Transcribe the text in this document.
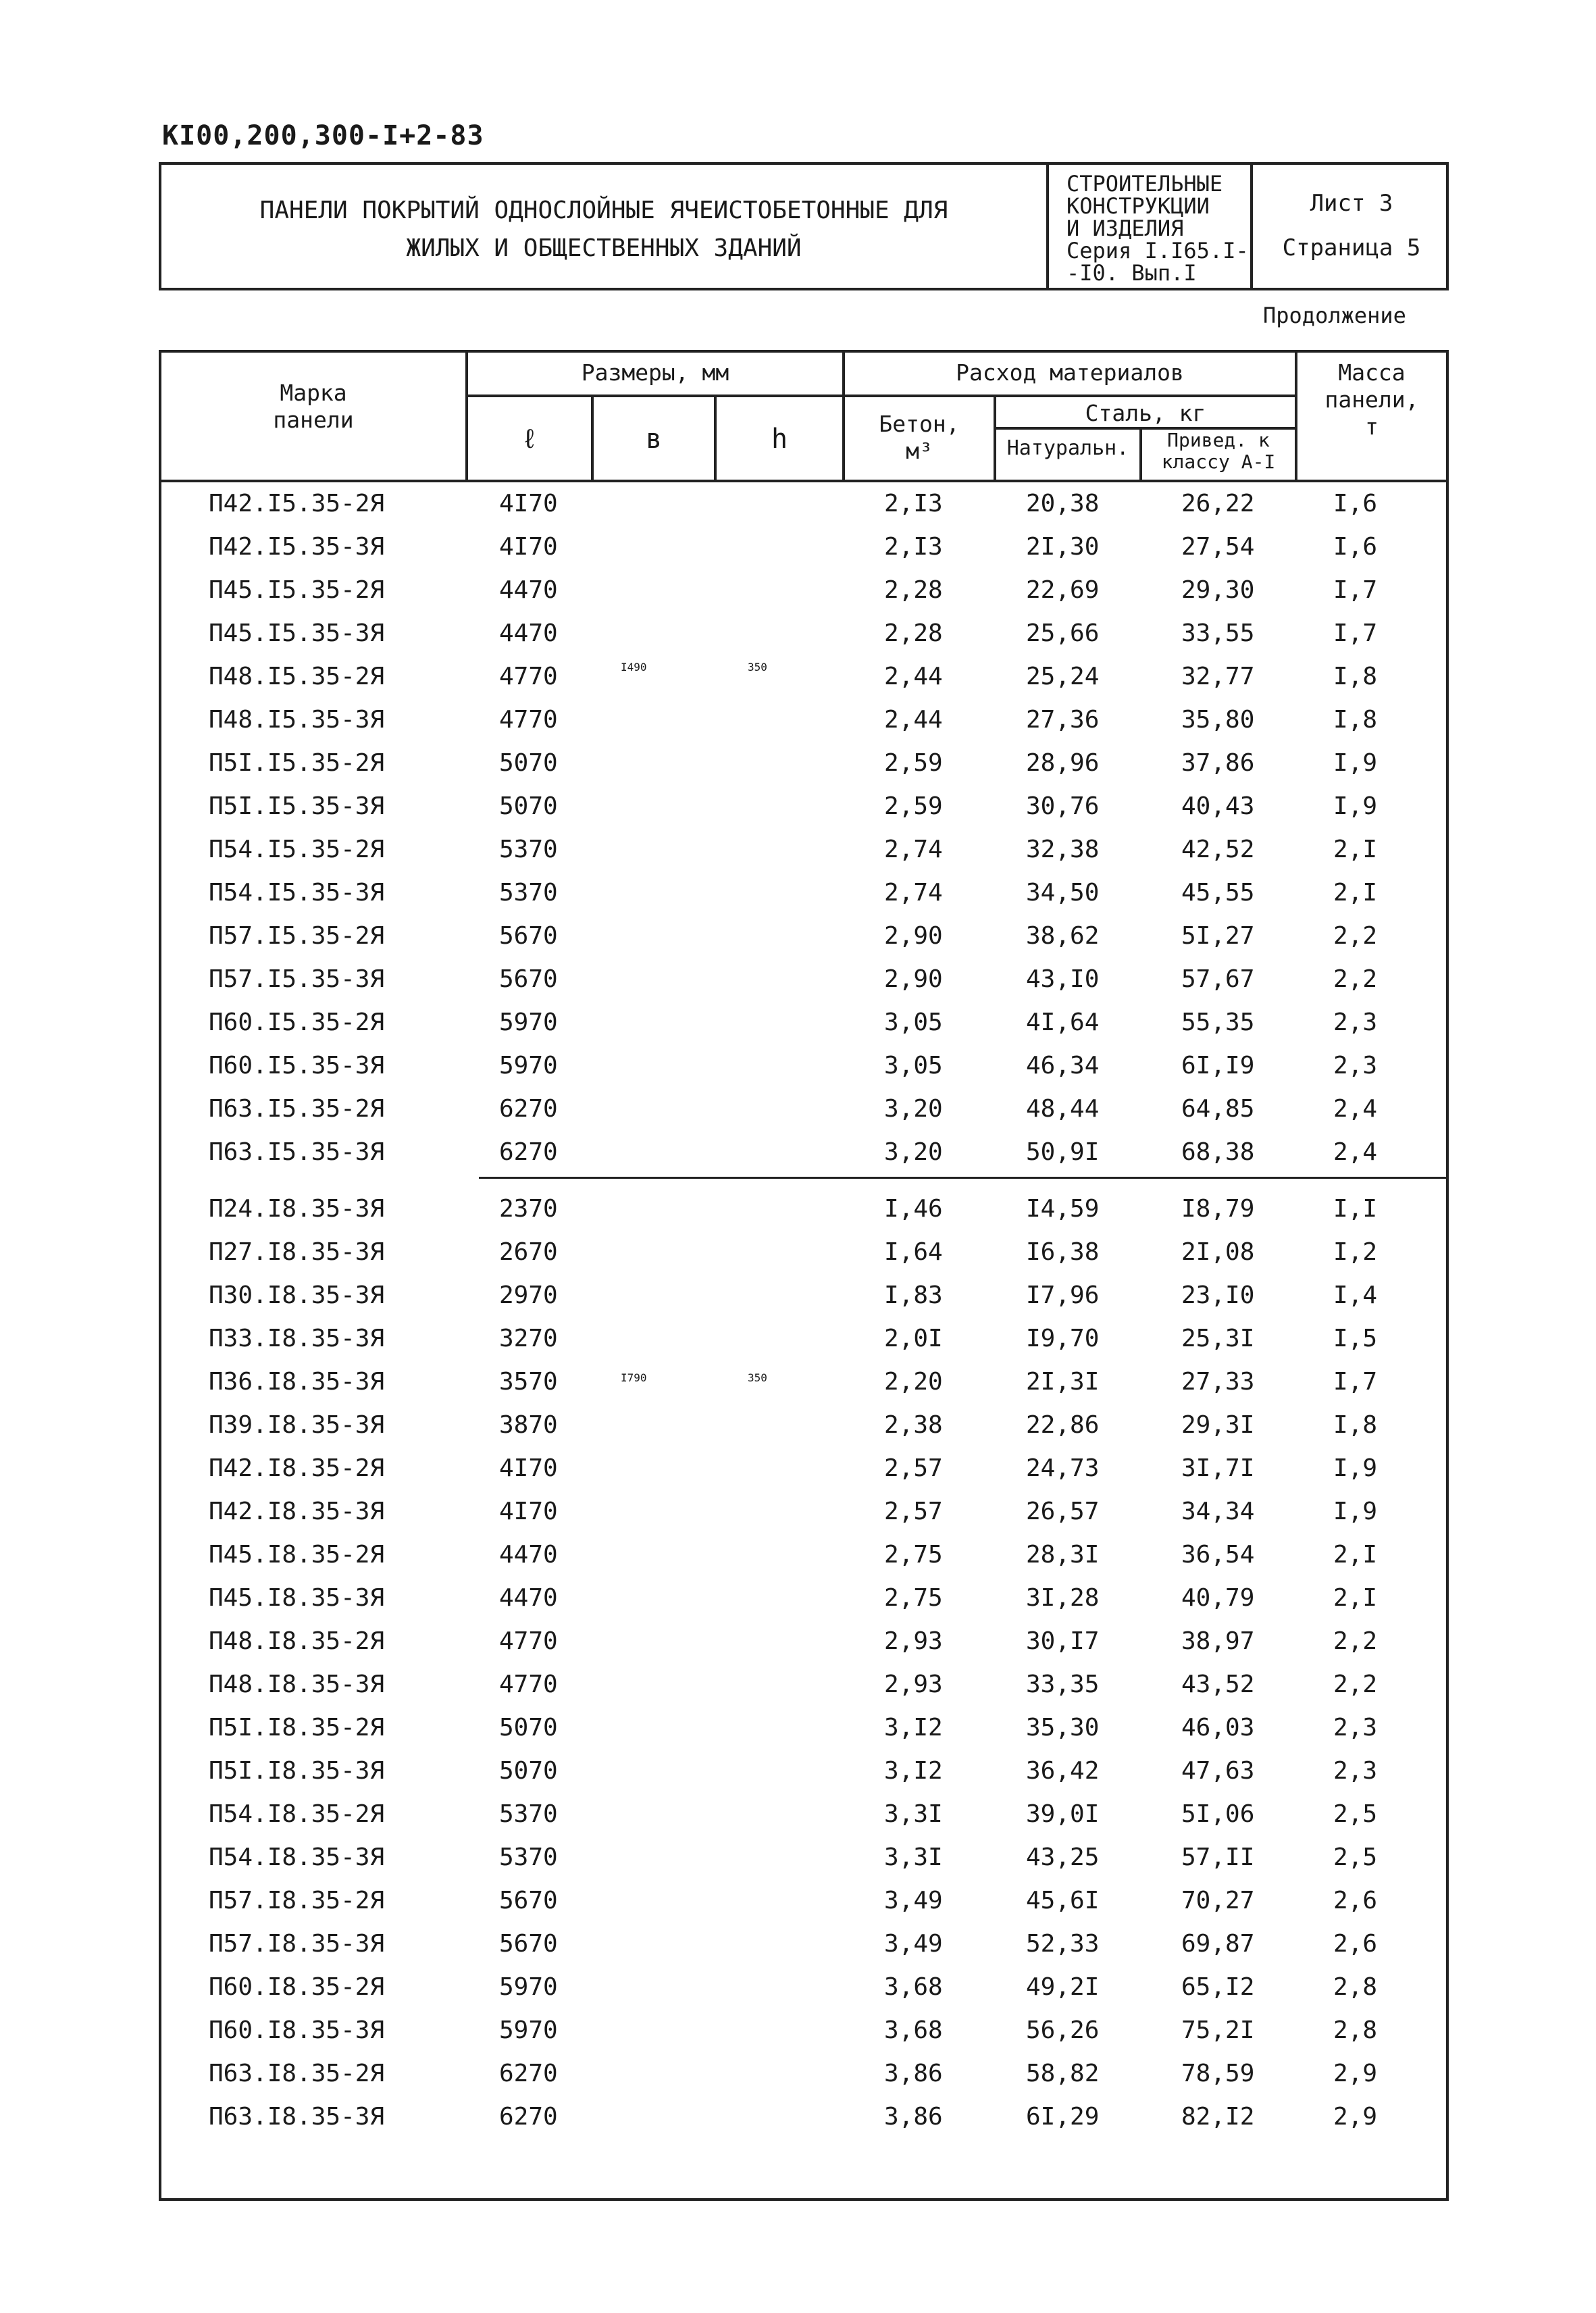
КI00,200,300-I+2-83
ПАНЕЛИ ПОКРЫТИЙ ОДНОСЛОЙНЫЕ ЯЧЕИСТОБЕТОННЫЕ ДЛЯ
ЖИЛЫХ И ОБЩЕСТВЕННЫХ ЗДАНИЙ
СТРОИТЕЛЬНЫЕ
КОНСТРУКЦИИ
И ИЗДЕЛИЯ
Серия I.I65.I-
-I0. Вып.I
Лист 3
Страница 5
Продолжение
Марка
панели
Размеры, мм
ℓ	в	h
Расход материалов
Бетон,
м³
Сталь, кг
Натуральн.	Привед. к
классу А-I
Масса
панели,
т
I490	350
I790	350
П42.I5.35-2Я	4I70	2,I3	20,38	26,22	I,6
П42.I5.35-3Я	4I70	2,I3	2I,30	27,54	I,6
П45.I5.35-2Я	4470	2,28	22,69	29,30	I,7
П45.I5.35-3Я	4470	2,28	25,66	33,55	I,7
П48.I5.35-2Я	4770	2,44	25,24	32,77	I,8
П48.I5.35-3Я	4770	2,44	27,36	35,80	I,8
П5I.I5.35-2Я	5070	2,59	28,96	37,86	I,9
П5I.I5.35-3Я	5070	2,59	30,76	40,43	I,9
П54.I5.35-2Я	5370	2,74	32,38	42,52	2,I
П54.I5.35-3Я	5370	2,74	34,50	45,55	2,I
П57.I5.35-2Я	5670	2,90	38,62	5I,27	2,2
П57.I5.35-3Я	5670	2,90	43,I0	57,67	2,2
П60.I5.35-2Я	5970	3,05	4I,64	55,35	2,3
П60.I5.35-3Я	5970	3,05	46,34	6I,I9	2,3
П63.I5.35-2Я	6270	3,20	48,44	64,85	2,4
П63.I5.35-3Я	6270	3,20	50,9I	68,38	2,4
П24.I8.35-3Я	2370	I,46	I4,59	I8,79	I,I
П27.I8.35-3Я	2670	I,64	I6,38	2I,08	I,2
П30.I8.35-3Я	2970	I,83	I7,96	23,I0	I,4
П33.I8.35-3Я	3270	2,0I	I9,70	25,3I	I,5
П36.I8.35-3Я	3570	2,20	2I,3I	27,33	I,7
П39.I8.35-3Я	3870	2,38	22,86	29,3I	I,8
П42.I8.35-2Я	4I70	2,57	24,73	3I,7I	I,9
П42.I8.35-3Я	4I70	2,57	26,57	34,34	I,9
П45.I8.35-2Я	4470	2,75	28,3I	36,54	2,I
П45.I8.35-3Я	4470	2,75	3I,28	40,79	2,I
П48.I8.35-2Я	4770	2,93	30,I7	38,97	2,2
П48.I8.35-3Я	4770	2,93	33,35	43,52	2,2
П5I.I8.35-2Я	5070	3,I2	35,30	46,03	2,3
П5I.I8.35-3Я	5070	3,I2	36,42	47,63	2,3
П54.I8.35-2Я	5370	3,3I	39,0I	5I,06	2,5
П54.I8.35-3Я	5370	3,3I	43,25	57,II	2,5
П57.I8.35-2Я	5670	3,49	45,6I	70,27	2,6
П57.I8.35-3Я	5670	3,49	52,33	69,87	2,6
П60.I8.35-2Я	5970	3,68	49,2I	65,I2	2,8
П60.I8.35-3Я	5970	3,68	56,26	75,2I	2,8
П63.I8.35-2Я	6270	3,86	58,82	78,59	2,9
П63.I8.35-3Я	6270	3,86	6I,29	82,I2	2,9
